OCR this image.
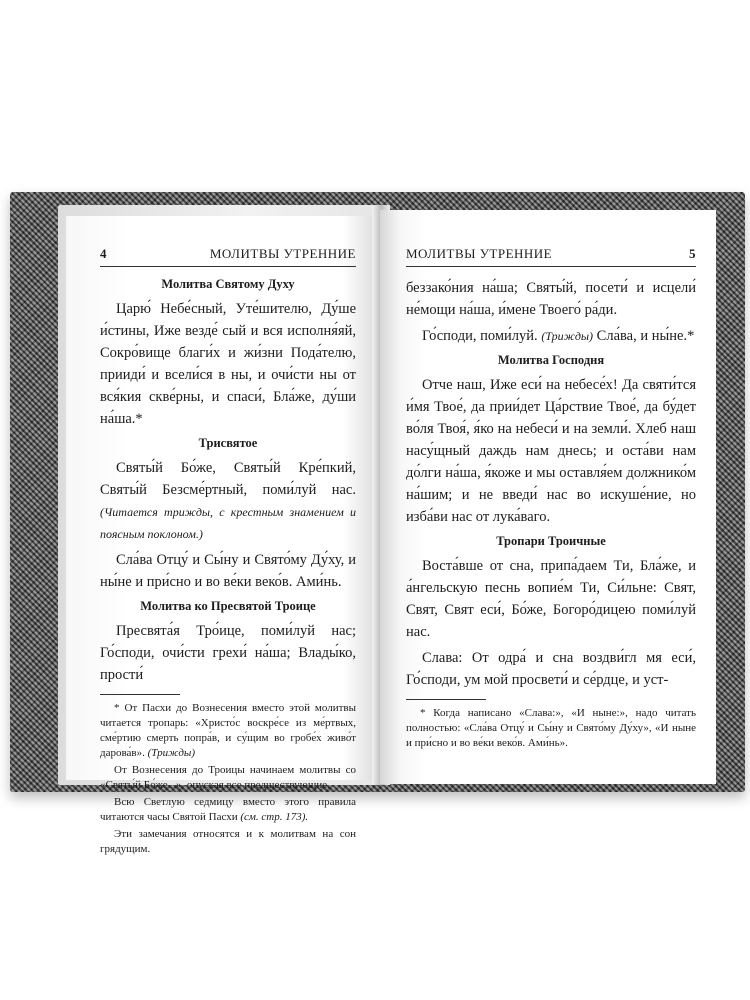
4	МОЛИТВЫ УТРЕННИЕ
Молитва Святому Духу

Царю́ Небе́сный, Уте́шителю, Ду́ше и́стины, Иже везде́ сый и вся исполня́яй, Сокро́вище благи́х и жи́зни Пода́телю, прииди́ и всели́ся в ны, и очи́сти ны от вся́кия скве́рны, и спаси́, Бла́же, ду́ши на́ша.*

Трисвятое

Святы́й Бо́же, Святы́й Кре́пкий, Святы́й Безсме́ртный, поми́луй нас. (Читается трижды, с крестным знамением и поясным поклоном.)

Сла́ва Отцу́ и Сы́ну и Свято́му Ду́ху, и ны́не и при́сно и во ве́ки веко́в. Ами́нь.

Молитва ко Пресвятой Троице

Пресвята́я Тро́ице, поми́луй нас; Го́споди, очи́сти грехи́ на́ша; Влады́ко, прости́

* От Пасхи до Вознесения вместо этой молитвы читается тропарь: «Христо́с воскре́се из ме́ртвых, сме́ртию смерть попра́в, и су́щим во гробе́х живо́т дарова́в». (Трижды)

От Вознесения до Троицы начинаем молитвы со «Святы́й Бо́же...», опуская все предшествующие.

Всю Светлую седмицу вместо этого правила читаются часы Святой Пасхи (см. стр. 173).

Эти замечания относятся и к молитвам на сон грядущим.

МОЛИТВЫ УТРЕННИЕ	5

беззако́ния на́ша; Святы́й, посети́ и исцели́ не́мощи на́ша, и́мене Твоего́ ра́ди.

Го́споди, поми́луй. (Трижды) Сла́ва, и ны́не.*

Молитва Господня

Отче наш, Иже еси́ на небесе́х! Да святи́тся и́мя Твое́, да прии́дет Ца́рствие Твое́, да бу́дет во́ля Твоя́, я́ко на небеси́ и на земли́. Хлеб наш насу́щный даждь нам днесь; и оста́ви нам до́лги на́ша, я́коже и мы оставля́ем должнико́м на́шим; и не введи́ нас во искуше́ние, но изба́ви нас от лука́ваго.

Тропари Троичные

Воста́вше от сна, припа́даем Ти, Бла́же, и а́нгельскую песнь вопие́м Ти, Си́льне: Свят, Свят, Свят еси́, Бо́же, Богоро́дицею поми́луй нас.

Слава: От одра́ и сна воздви́гл мя еси́, Го́споди, ум мой просвети́ и се́рдце, и уст-

* Когда написано «Слава:», «И ныне:», надо читать полностью: «Сла́ва Отцу́ и Сы́ну и Свято́му Ду́ху», «И ныне и при́сно и во ве́ки веко́в. Ами́нь».
